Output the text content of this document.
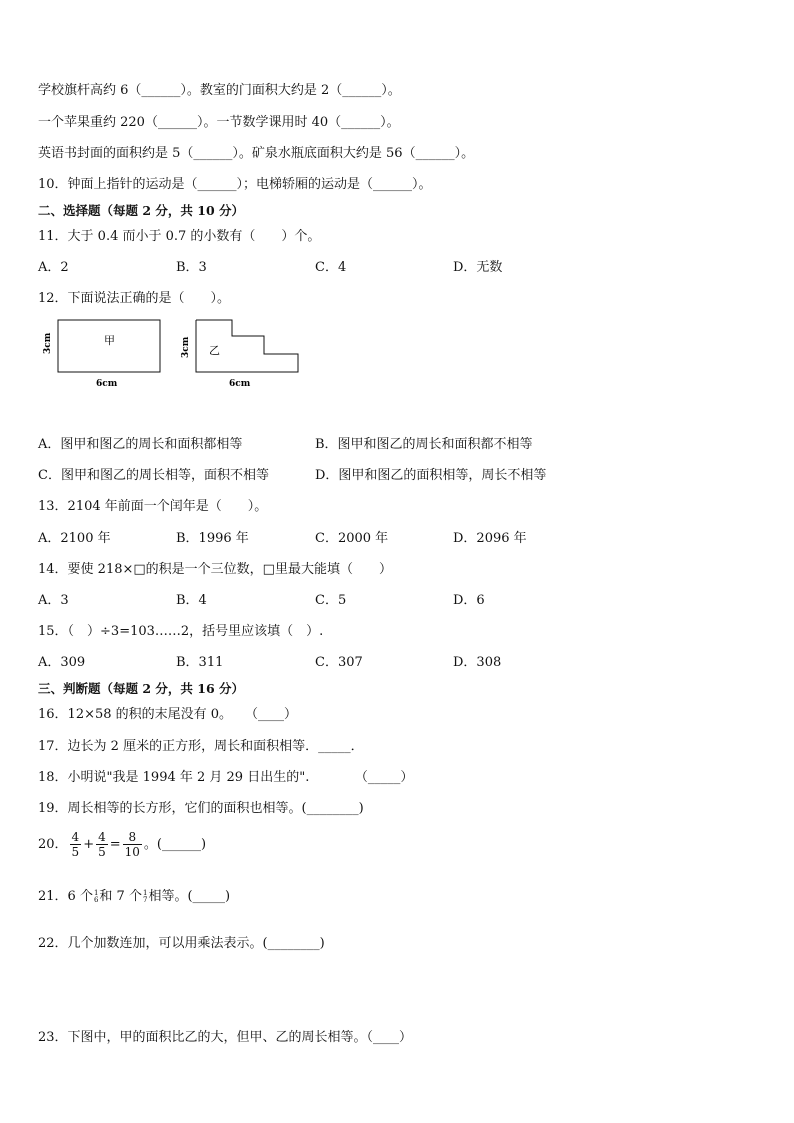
学校旗杆高约 6（______）。教室的门面积大约是 2（______）。
一个苹果重约 220（______）。一节数学课用时 40（______）。
英语书封面的面积约是 5（______）。矿泉水瓶底面积大约是 56（______）。
10．钟面上指针的运动是（______）；电梯轿厢的运动是（______）。
二、选择题（每题 2 分，共 10 分）
11．大于 0.4 而小于 0.7 的小数有（　　）个。
A．2	B．3	C．4	D．无数
12．下面说法正确的是（　　）。
甲
3cm
6cm
乙
3cm
6cm
A．图甲和图乙的周长和面积都相等	B．图甲和图乙的周长和面积都不相等
C．图甲和图乙的周长相等，面积不相等	D．图甲和图乙的面积相等，周长不相等
13．2104 年前面一个闰年是（　　）。
A．2100 年	B．1996 年	C．2000 年	D．2096 年
14．要使 218×□的积是一个三位数，□里最大能填（　　）
A．3	B．4	C．5	D．6
15．（　）÷3=103……2，括号里应该填（　）.
A．309	B．311	C．307	D．308
三、判断题（每题 2 分，共 16 分）
16．12×58 的积的末尾没有 0。　　（____）
17．边长为 2 厘米的正方形，周长和面积相等．_____．
18．小明说"我是 1994 年 2 月 29 日出生的".　　　　（_____）
19．周长相等的长方形，它们的面积也相等。(________)
20． $\frac{4}{5} + \frac{4}{5} = \frac{8}{10}$ 。(______)
21．6 个 1
6 和 7 个 1
7 相等。(_____)
22．几个加数连加，可以用乘法表示。(________)
23．下图中，甲的面积比乙的大，但甲、乙的周长相等。（____）
